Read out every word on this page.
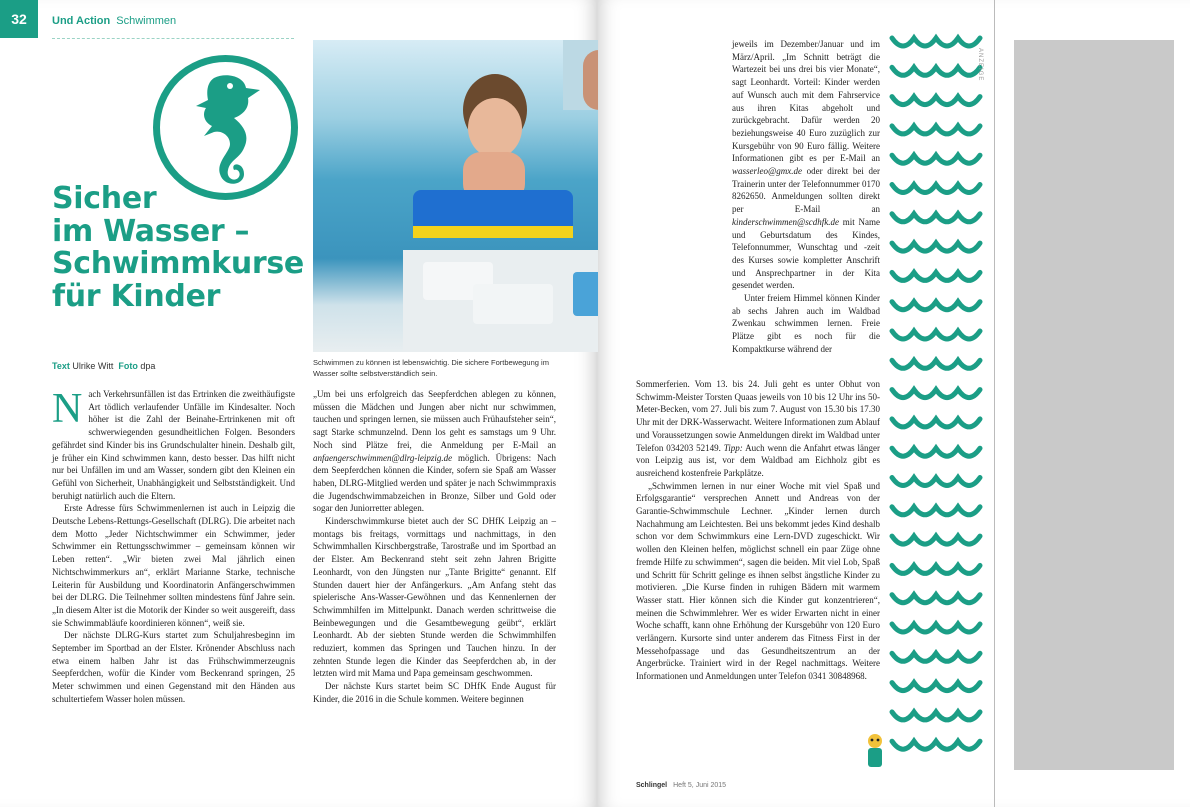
32	Und Action Schwimmen
Sicher
im Wasser –
Schwimmkurse
für Kinder
Text Ulrike Witt Foto dpa	Schwimmen zu können ist lebenswichtig. Die sichere Fortbewegung im Wasser sollte selbstverständlich sein.

Nach Verkehrsunfällen ist das Ertrinken die zweithäufigste Art tödlich verlaufender Unfälle im Kindesalter. Noch höher ist die Zahl der Beinahe-Ertrinkenen mit oft schwerwiegenden gesundheitlichen Folgen. Besonders gefährdet sind Kinder bis ins Grundschulalter hinein. Deshalb gilt, je früher ein Kind schwimmen kann, desto besser. Das hilft nicht nur bei Unfällen im und am Wasser, sondern gibt den Kleinen ein Gefühl von Sicherheit, Unabhängigkeit und Selbstständigkeit. Und beruhigt natürlich auch die Eltern.

Erste Adresse fürs Schwimmenlernen ist auch in Leipzig die Deutsche Lebens-Rettungs-Gesellschaft (DLRG). Die arbeitet nach dem Motto „Jeder Nichtschwimmer ein Schwimmer, jeder Schwimmer ein Rettungsschwimmer – gemeinsam können wir Leben retten“. „Wir bieten zwei Mal jährlich einen Nichtschwimmerkurs an“, erklärt Marianne Starke, technische Leiterin für Ausbildung und Koordinatorin Anfängerschwimmen bei der DLRG. Die Teilnehmer sollten mindestens fünf Jahre sein. „In diesem Alter ist die Motorik der Kinder so weit ausgereift, dass sie Schwimmabläufe koordinieren können“, weiß sie.

Der nächste DLRG-Kurs startet zum Schuljahresbeginn im September im Sportbad an der Elster. Krönender Abschluss nach etwa einem halben Jahr ist das Frühschwimmerzeugnis Seepferdchen, wofür die Kinder vom Beckenrand springen, 25 Meter schwimmen und einen Gegenstand mit den Händen aus schultertiefem Wasser holen müssen.

„Um bei uns erfolgreich das Seepferdchen ablegen zu können, müssen die Mädchen und Jungen aber nicht nur schwimmen, tauchen und springen lernen, sie müssen auch Frühaufsteher sein“, sagt Starke schmunzelnd. Denn los geht es samstags um 9 Uhr. Noch sind Plätze frei, die Anmeldung per E-Mail an anfaengerschwimmen@dlrg-leipzig.de möglich. Übrigens: Nach dem Seepferdchen können die Kinder, sofern sie Spaß am Wasser haben, DLRG-Mitglied werden und später je nach Schwimmpraxis die Jugendschwimmabzeichen in Bronze, Silber und Gold oder sogar den Juniorretter ablegen.

Kinderschwimmkurse bietet auch der SC DHfK Leipzig an – montags bis freitags, vormittags und nachmittags, in den Schwimmhallen Kirschbergstraße, Tarostraße und im Sportbad an der Elster. Am Beckenrand steht seit zehn Jahren Brigitte Leonhardt, von den Jüngsten nur „Tante Brigitte“ genannt. Elf Stunden dauert hier der Anfängerkurs. „Am Anfang steht das spielerische Ans-Wasser-Gewöhnen und das Kennenlernen der Schwimmhilfen im Mittelpunkt. Danach werden schrittweise die Beinbewegungen und die Gesamtbewegung geübt“, erklärt Leonhardt. Ab der siebten Stunde werden die Schwimmhilfen reduziert, kommen das Springen und Tauchen hinzu. In der zehnten Stunde legen die Kinder das Seepferdchen ab, in der letzten wird mit Mama und Papa gemeinsam geschwommen.

Der nächste Kurs startet beim SC DHfK Ende August für Kinder, die 2016 in die Schule kommen. Weitere beginnen

jeweils im Dezember/Januar und im März/April. „Im Schnitt beträgt die Wartezeit bei uns drei bis vier Monate“, sagt Leonhardt. Vorteil: Kinder werden auf Wunsch auch mit dem Fahrservice aus ihren Kitas abgeholt und zurückgebracht. Dafür werden 20 beziehungsweise 40 Euro zuzüglich zur Kursgebühr von 90 Euro fällig. Weitere Informationen gibt es per E-Mail an wasserleo@gmx.de oder direkt bei der Trainerin unter der Telefonnummer 0170 8262650. Anmeldungen sollten direkt per E-Mail an kinderschwimmen@scdhfk.de mit Name und Geburtsdatum des Kindes, Telefonnummer, Wunschtag und -zeit des Kurses sowie kompletter Anschrift und Ansprechpartner in der Kita gesendet werden.

Unter freiem Himmel können Kinder ab sechs Jahren auch im Waldbad Zwenkau schwimmen lernen. Freie Plätze gibt es noch für die Kompaktkurse während der

Sommerferien. Vom 13. bis 24. Juli geht es unter Obhut von Schwimm-Meister Torsten Quaas jeweils von 10 bis 12 Uhr ins 50-Meter-Becken, vom 27. Juli bis zum 7. August von 15.30 bis 17.30 Uhr mit der DRK-Wasserwacht. Weitere Informationen zum Ablauf und Voraussetzungen sowie Anmeldungen direkt im Waldbad unter Telefon 034203 52149. Tipp: Auch wenn die Anfahrt etwas länger von Leipzig aus ist, vor dem Waldbad am Eichholz gibt es ausreichend kostenfreie Parkplätze.

„Schwimmen lernen in nur einer Woche mit viel Spaß und Erfolgsgarantie“ versprechen Annett und Andreas von der Garantie-Schwimmschule Lechner. „Kinder lernen durch Nachahmung am Leichtesten. Bei uns bekommt jedes Kind deshalb schon vor dem Schwimmkurs eine Lern-DVD zugeschickt. Wir wollen den Kleinen helfen, möglichst schnell ein paar Züge ohne fremde Hilfe zu schwimmen“, sagen die beiden. Mit viel Lob, Spaß und Schritt für Schritt gelinge es ihnen selbst ängstliche Kinder zu motivieren. „Die Kurse finden in ruhigen Bädern mit warmem Wasser statt. Hier können sich die Kinder gut konzentrieren“, meinen die Schwimmlehrer. Wer es wider Erwarten nicht in einer Woche schafft, kann ohne Erhöhung der Kursgebühr von 120 Euro verlängern. Kursorte sind unter anderem das Fitness First in der Messehofpassage und das Gesundheitszentrum an der Angerbrücke. Trainiert wird in der Regel nachmittags. Weitere Informationen und Anmeldungen unter Telefon 0341 30848968.

Schlingel Heft 5, Juni 2015
ANZEIGE
